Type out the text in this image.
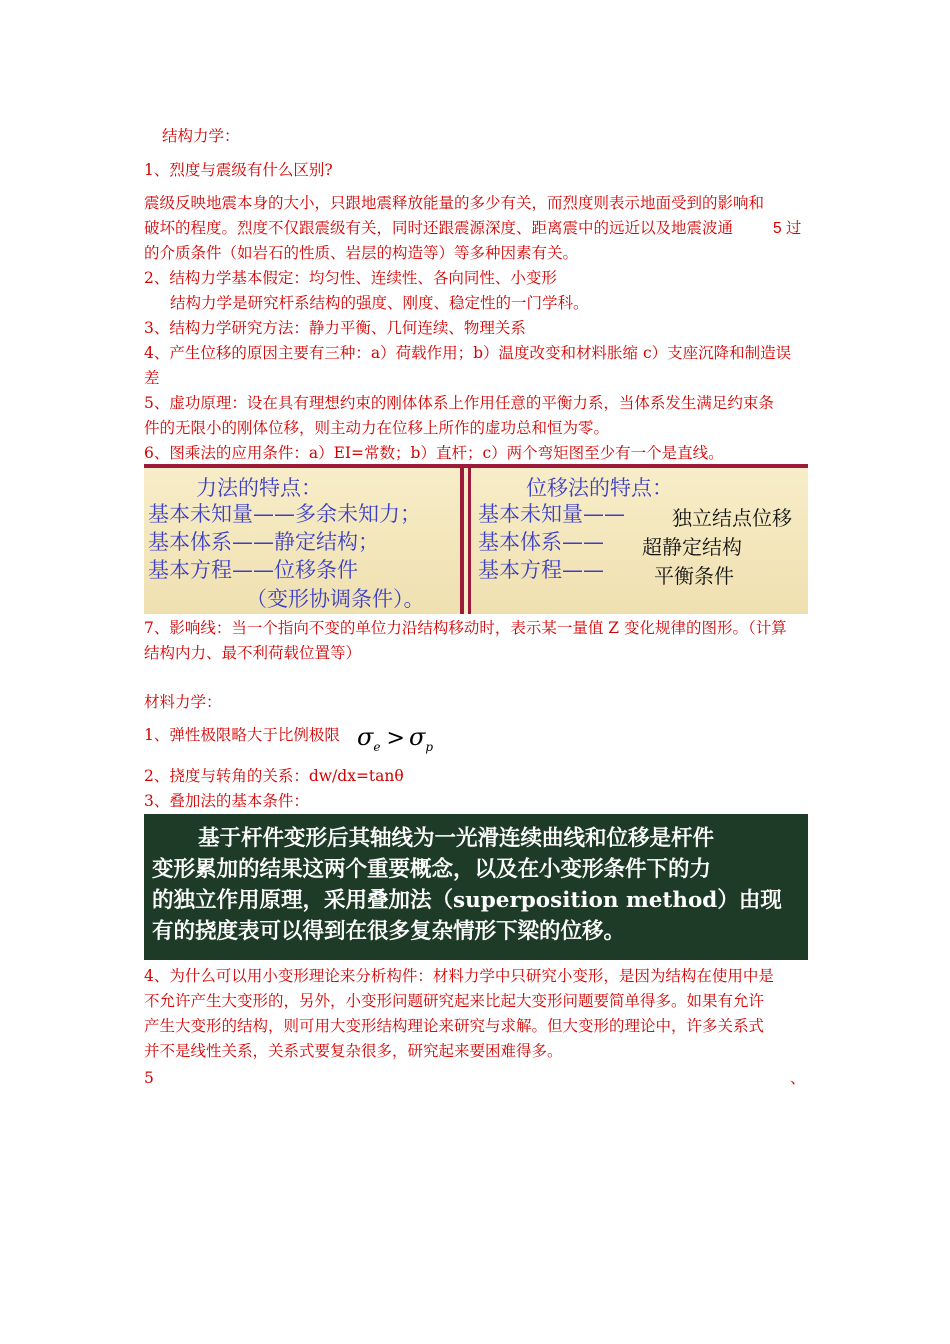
结构力学：
1、烈度与震级有什么区别?
震级反映地震本身的大小，只跟地震释放能量的多少有关，而烈度则表示地面受到的影响和
破坏的程度。烈度不仅跟震级有关，同时还跟震源深度、距离震中的远近以及地震波通	5 过
的介质条件（如岩石的性质、岩层的构造等）等多种因素有关。
2、结构力学基本假定：均匀性、连续性、各向同性、小变形
结构力学是研究杆系结构的强度、刚度、稳定性的一门学科。
3、结构力学研究方法：静力平衡、几何连续、物理关系
4、产生位移的原因主要有三种：a）荷载作用；b）温度改变和材料胀缩 c）支座沉降和制造误
差
5、虚功原理：设在具有理想约束的刚体体系上作用任意的平衡力系，当体系发生满足约束条
件的无限小的刚体位移，则主动力在位移上所作的虚功总和恒为零。
6、图乘法的应用条件：a）EI=常数；b）直杆；c）两个弯矩图至少有一个是直线。
力法的特点：
基本未知量——多余未知力；
基本体系——静定结构；
基本方程——位移条件
（变形协调条件）。
位移法的特点：
基本未知量——
基本体系——
基本方程——
独立结点位移
超静定结构
平衡条件
7、影响线：当一个指向不变的单位力沿结构移动时，表示某一量值 Z 变化规律的图形。（计算
结构内力、最不利荷载位置等）
材料力学：
1、弹性极限略大于比例极限 $\sigma_e > \sigma_p$
2、挠度与转角的关系：dw/dx=tanθ
3、叠加法的基本条件：
基于杆件变形后其轴线为一光滑连续曲线和位移是杆件
变形累加的结果这两个重要概念，以及在小变形条件下的力
的独立作用原理，采用叠加法（superposition method）由现
有的挠度表可以得到在很多复杂情形下梁的位移。
4、为什么可以用小变形理论来分析构件：材料力学中只研究小变形，是因为结构在使用中是
不允许产生大变形的，另外，小变形问题研究起来比起大变形问题要简单得多。如果有允许
产生大变形的结构，则可用大变形结构理论来研究与求解。但大变形的理论中，许多关系式
并不是线性关系，关系式要复杂很多，研究起来要困难得多。
5	、
